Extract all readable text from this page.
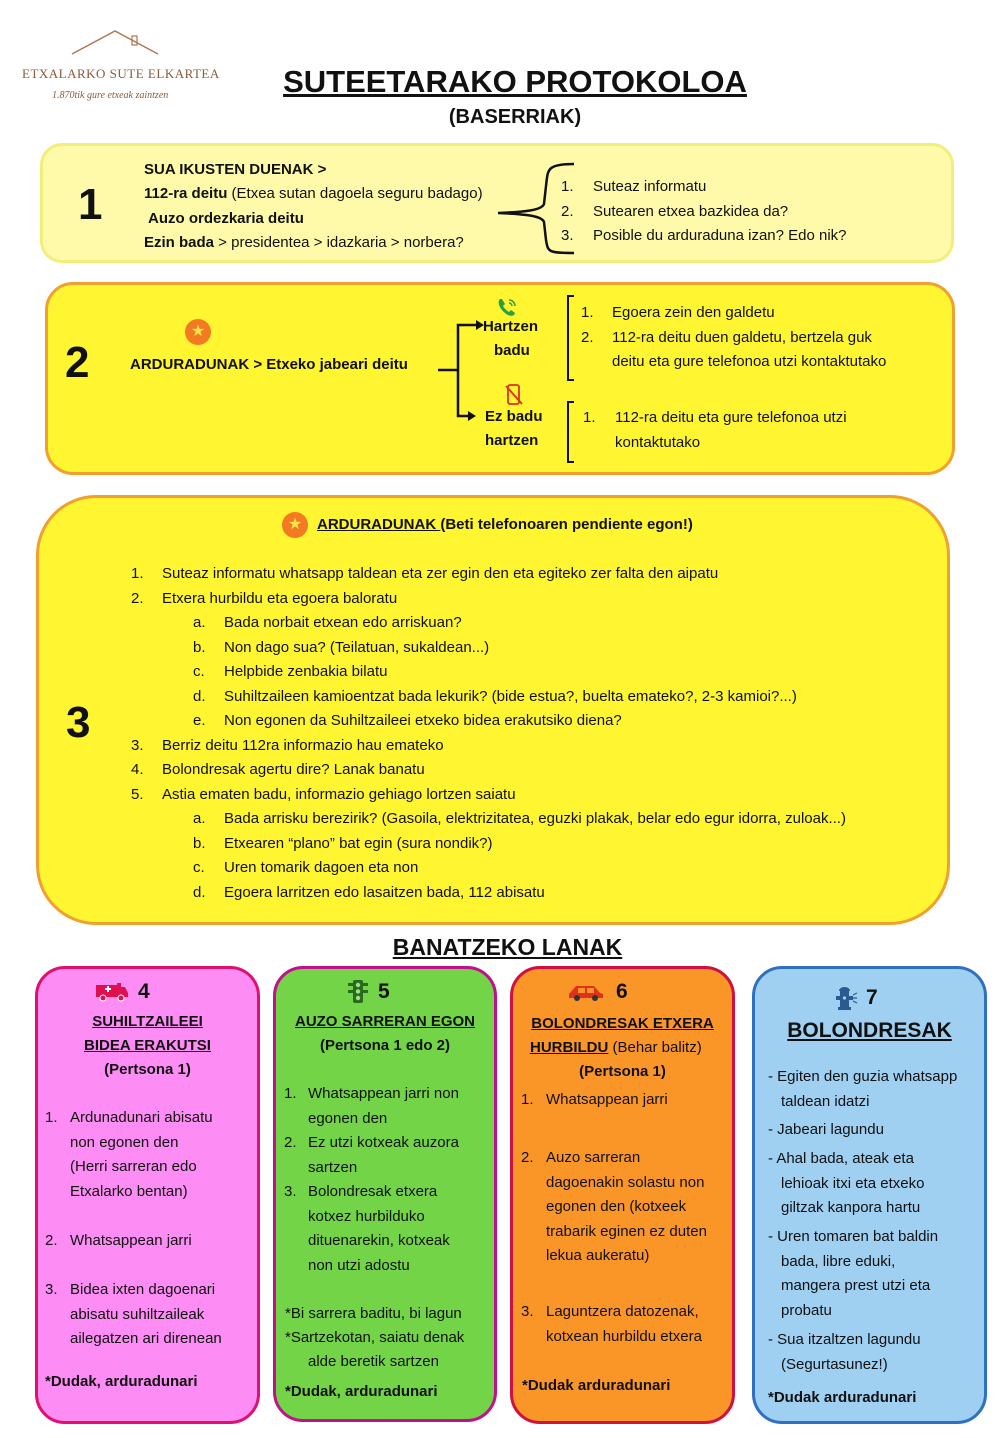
ETXALARKO SUTE ELKARTEA
1.870tik gure etxeak zaintzen	SUTEETARAKO PROTOKOLOA
(BASERRIAK)
1
SUA IKUSTEN DUENAK >
112-ra deitu (Etxea sutan dagoela seguru badago)
Auzo ordezkaria deitu
Ezin bada > presidentea > idazkaria > norbera?
1. Suteaz informatu
2. Sutearen etxea bazkidea da?
3. Posible du arduraduna izan? Edo nik?
2
★
ARDURADUNAK > Etxeko jabeari deitu
Hartzen
badu
Ez badu
hartzen
1. Egoera zein den galdetu
2. 112-ra deitu duen galdetu, bertzela guk
deitu eta gure telefonoa utzi kontaktutako
1. 112-ra deitu eta gure telefonoa utzi
kontaktutako
3
★ ARDURADUNAK (Beti telefonoaren pendiente egon!)
1. Suteaz informatu whatsapp taldean eta zer egin den eta egiteko zer falta den aipatu
2. Etxera hurbildu eta egoera baloratu
a. Bada norbait etxean edo arriskuan?
b. Non dago sua? (Teilatuan, sukaldean...)
c. Helpbide zenbakia bilatu
d. Suhiltzaileen kamioentzat bada lekurik? (bide estua?, buelta emateko?, 2-3 kamioi?...)
e. Non egonen da Suhiltzaileei etxeko bidea erakutsiko diena?
3. Berriz deitu 112ra informazio hau emateko
4. Bolondresak agertu dire? Lanak banatu
5. Astia ematen badu, informazio gehiago lortzen saiatu
a. Bada arrisku berezirik? (Gasoila, elektrizitatea, eguzki plakak, belar edo egur idorra, zuloak...)
b. Etxearen “plano” bat egin (sura nondik?)
c. Uren tomarik dagoen eta non
d. Egoera larritzen edo lasaitzen bada, 112 abisatu
BANATZEKO LANAK
4
SUHILTZAILEEI
BIDEA ERAKUTSI
(Pertsona 1)
1. Ardunadunari abisatu
non egonen den
(Herri sarreran edo
Etxalarko bentan)
2. Whatsappean jarri
3. Bidea ixten dagoenari
abisatu suhiltzaileak
ailegatzen ari direnean
*Dudak, arduradunari
5
AUZO SARRERAN EGON
(Pertsona 1 edo 2)
1. Whatsappean jarri non
egonen den
2. Ez utzi kotxeak auzora
sartzen
3. Bolondresak etxera
kotxez hurbilduko
dituenarekin, kotxeak
non utzi adostu
*Bi sarrera baditu, bi lagun
*Sartzekotan, saiatu denak
alde beretik sartzen
*Dudak, arduradunari
6
BOLONDRESAK ETXERA
HURBILDU (Behar balitz)
(Pertsona 1)
1. Whatsappean jarri
2. Auzo sarreran
dagoenakin solastu non
egonen den (kotxeek
trabarik eginen ez duten
lekua aukeratu)
3. Laguntzera datozenak,
kotxean hurbildu etxera
*Dudak arduradunari
7
BOLONDRESAK
- Egiten den guzia whatsapp
taldean idatzi
- Jabeari lagundu
- Ahal bada, ateak eta
lehioak itxi eta etxeko
giltzak kanpora hartu
- Uren tomaren bat baldin
bada, libre eduki,
mangera prest utzi eta
probatu
- Sua itzaltzen lagundu
(Segurtasunez!)
*Dudak arduradunari
